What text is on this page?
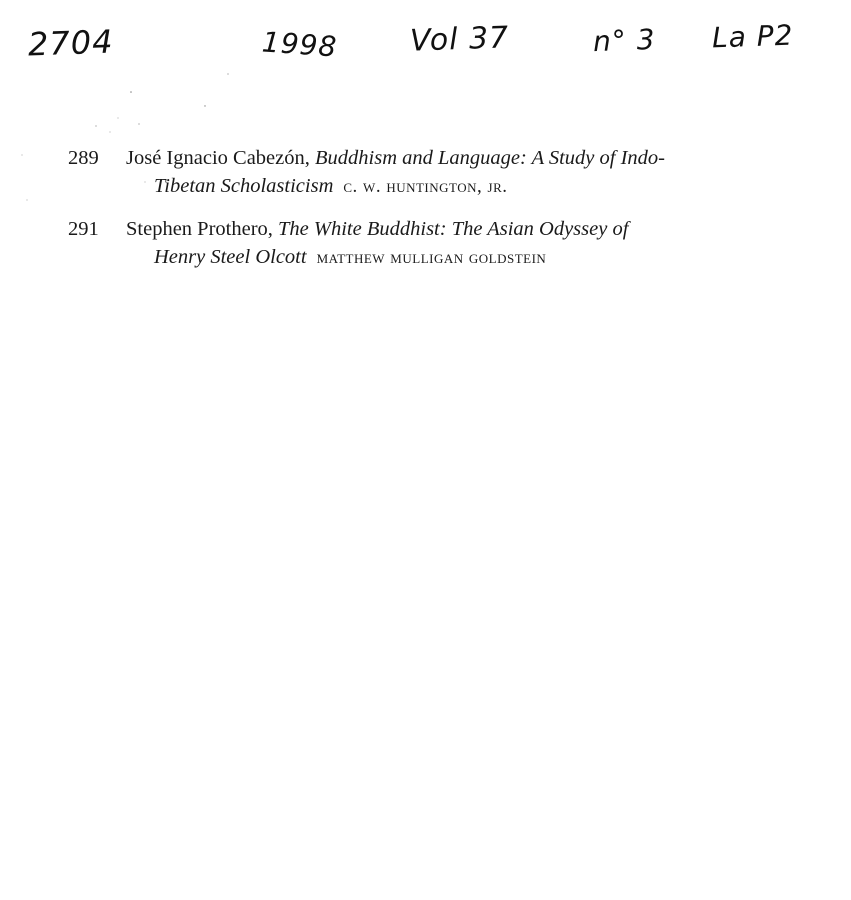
2704	1998 Vol 37	n° 3 La P2
289	José Ignacio Cabezón, Buddhism and Language: A Study of Indo-
Tibetan Scholasticism c. w. huntington, jr.
291	Stephen Prothero, The White Buddhist: The Asian Odyssey of
Henry Steel Olcott matthew mulligan goldstein
